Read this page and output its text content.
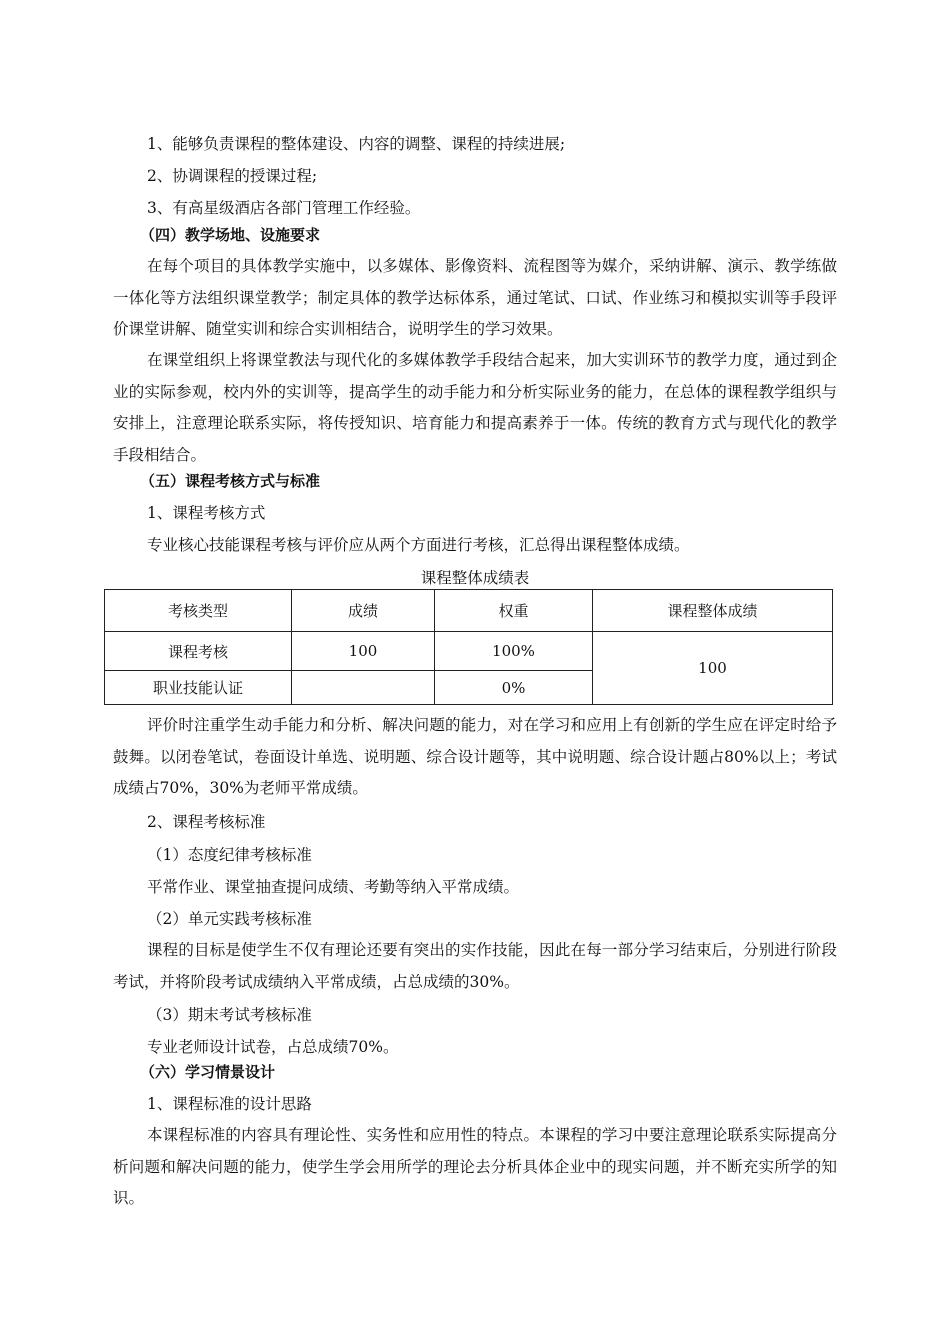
1、能够负责课程的整体建设、内容的调整、课程的持续进展;
2、协调课程的授课过程;
3、有高星级酒店各部门管理工作经验。
（四）教学场地、设施要求
在每个项目的具体教学实施中，以多媒体、影像资料、流程图等为媒介，采纳讲解、演示、教学练做一体化等方法组织课堂教学；制定具体的教学达标体系，通过笔试、口试、作业练习和模拟实训等手段评价课堂讲解、随堂实训和综合实训相结合，说明学生的学习效果。
在课堂组织上将课堂教法与现代化的多媒体教学手段结合起来，加大实训环节的教学力度，通过到企业的实际参观，校内外的实训等，提高学生的动手能力和分析实际业务的能力，在总体的课程教学组织与安排上，注意理论联系实际，将传授知识、培育能力和提高素养于一体。传统的教育方式与现代化的教学手段相结合。
（五）课程考核方式与标准
1、课程考核方式
专业核心技能课程考核与评价应从两个方面进行考核，汇总得出课程整体成绩。
课程整体成绩表
考核类型	成绩	权重	课程整体成绩
课程考核	100	100%	100
职业技能认证		0%	
评价时注重学生动手能力和分析、解决问题的能力，对在学习和应用上有创新的学生应在评定时给予鼓舞。以闭卷笔试，卷面设计单选、说明题、综合设计题等，其中说明题、综合设计题占80%以上；考试成绩占70%，30%为老师平常成绩。
2、课程考核标准
（1）态度纪律考核标准
平常作业、课堂抽查提问成绩、考勤等纳入平常成绩。
（2）单元实践考核标准
课程的目标是使学生不仅有理论还要有突出的实作技能，因此在每一部分学习结束后，分别进行阶段考试，并将阶段考试成绩纳入平常成绩，占总成绩的30%。
（3）期末考试考核标准
专业老师设计试卷，占总成绩70%。
（六）学习情景设计
1、课程标准的设计思路
本课程标准的内容具有理论性、实务性和应用性的特点。本课程的学习中要注意理论联系实际提高分析问题和解决问题的能力，使学生学会用所学的理论去分析具体企业中的现实问题，并不断充实所学的知识。
